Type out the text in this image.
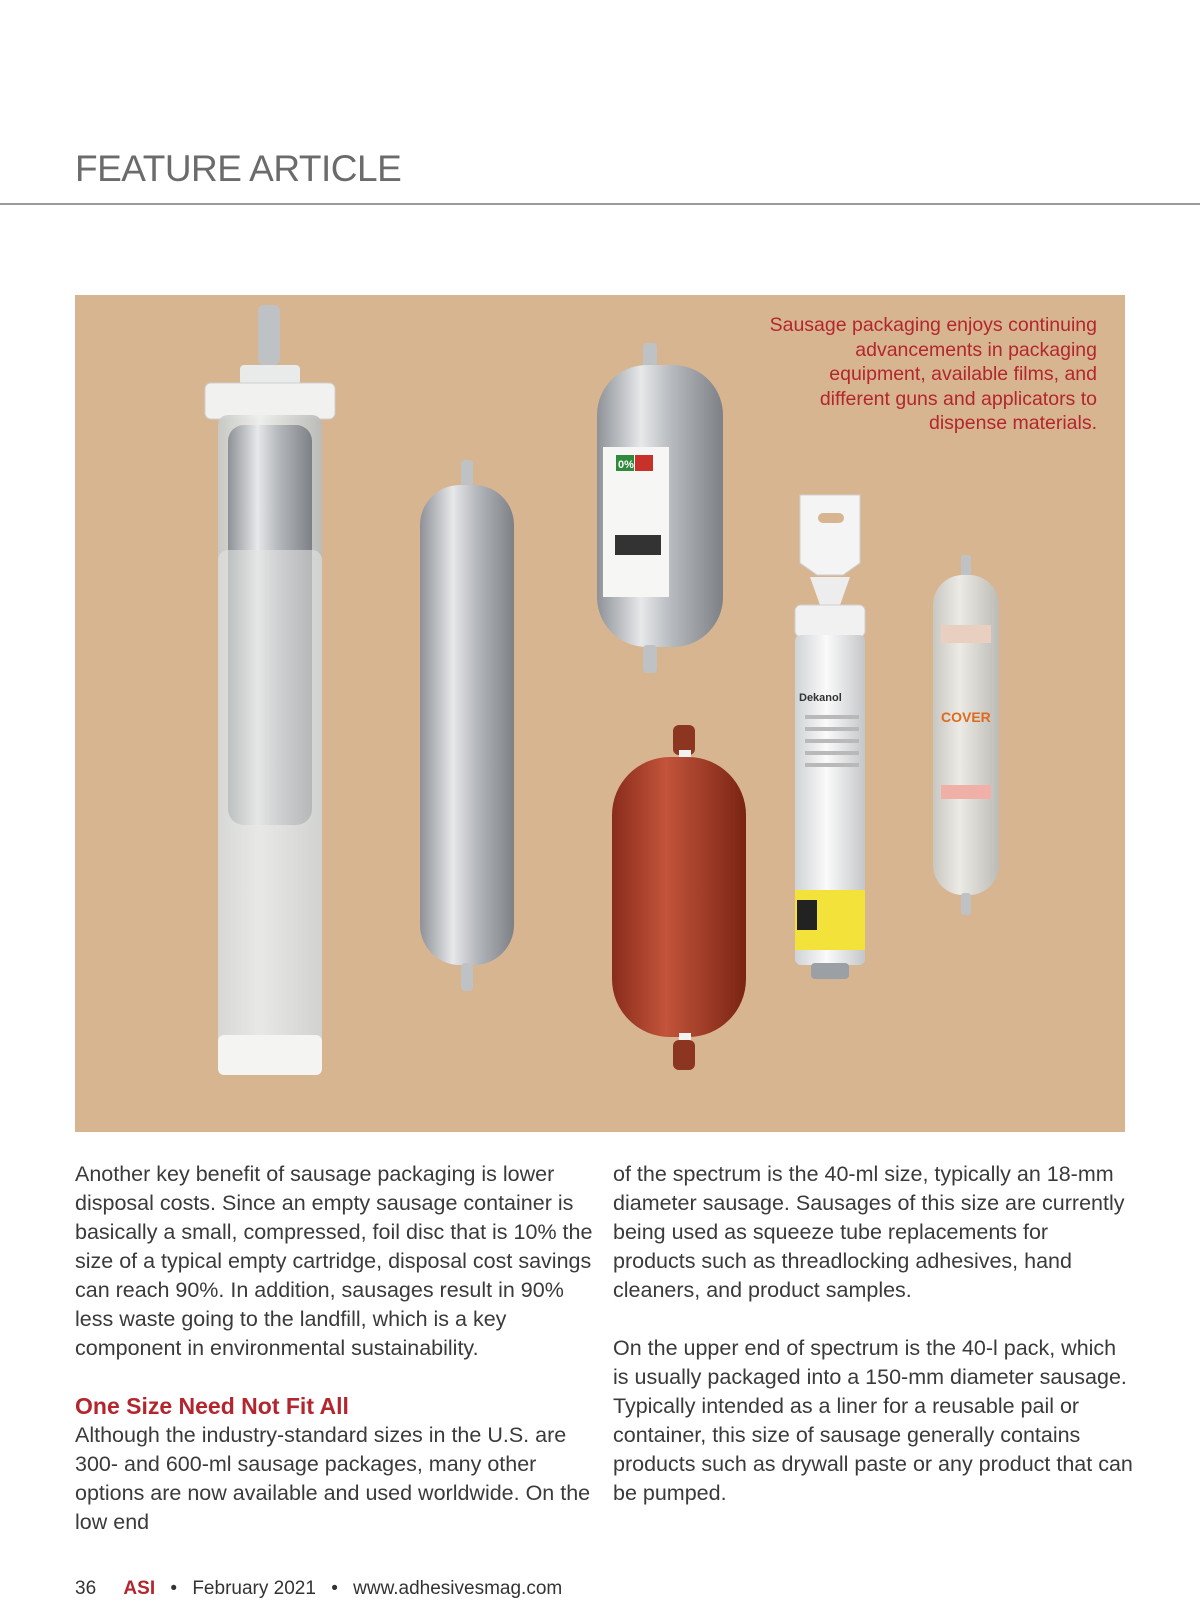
FEATURE ARTICLE
0%
Dekanol
COVER
Sausage packaging enjoys continuing advancements in packaging equipment, available films, and different guns and applicators to dispense materials.

Another key benefit of sausage packaging is lower disposal costs. Since an empty sausage container is basically a small, compressed, foil disc that is 10% the size of a typical empty cartridge, disposal cost savings can reach 90%. In addition, sausages result in 90% less waste going to the landfill, which is a key component in environmental sustainability.

One Size Need Not Fit All

Although the industry-standard sizes in the U.S. are 300- and 600-ml sausage packages, many other options are now available and used worldwide. On the low end

of the spectrum is the 40-ml size, typically an 18-mm diameter sausage. Sausages of this size are currently being used as squeeze tube replacements for products such as threadlocking adhesives, hand cleaners, and product samples.

On the upper end of spectrum is the 40-l pack, which is usually packaged into a 150-mm diameter sausage. Typically intended as a liner for a reusable pail or container, this size of sausage generally contains products such as drywall paste or any product that can be pumped.

36 ASI • February 2021 • www.adhesivesmag.com
